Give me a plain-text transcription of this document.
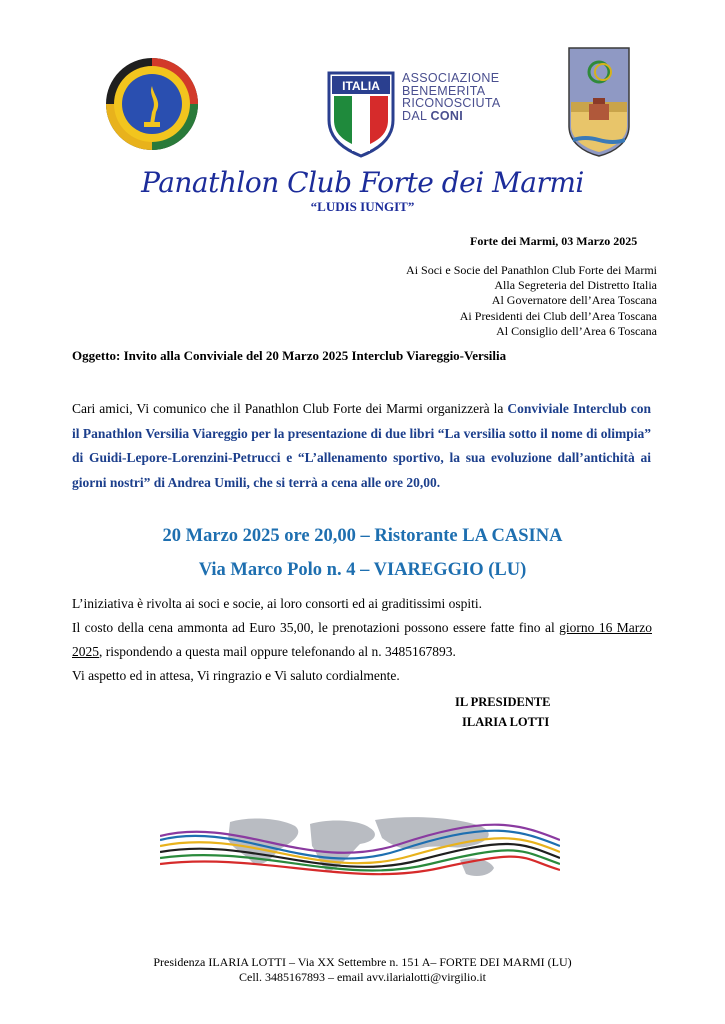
ITALIA
ASSOCIAZIONE
BENEMERITA
RICONOSCIUTA
DAL CONI
Panathlon Club Forte dei Marmi
“LUDIS IUNGIT”
Forte dei Marmi, 03 Marzo 2025
Ai Soci e Socie del Panathlon Club Forte dei Marmi
Alla Segreteria del Distretto Italia
Al Governatore dell’Area Toscana
Ai Presidenti dei Club dell’Area Toscana
Al Consiglio dell’Area 6 Toscana
Oggetto: Invito alla Conviviale del 20 Marzo 2025 Interclub Viareggio-Versilia
Cari amici, Vi comunico che il Panathlon Club Forte dei Marmi organizzerà la Conviviale Interclub con il Panathlon Versilia Viareggio per la presentazione di due libri “La versilia sotto il nome di olimpia” di Guidi-Lepore-Lorenzini-Petrucci e “L’allenamento sportivo, la sua evoluzione dall’antichità ai giorni nostri” di Andrea Umili, che si terrà a cena alle ore 20,00.
20 Marzo 2025 ore 20,00 – Ristorante LA CASINA
Via Marco Polo n. 4 – VIAREGGIO (LU)

L’iniziativa è rivolta ai soci e socie, ai loro consorti ed ai graditissimi ospiti.

Il costo della cena ammonta ad Euro 35,00, le prenotazioni possono essere fatte fino al giorno 16 Marzo 2025, rispondendo a questa mail oppure telefonando al n. 3485167893.

Vi aspetto ed in attesa, Vi ringrazio e Vi saluto cordialmente.

IL PRESIDENTE
ILARIA LOTTI
Presidenza ILARIA LOTTI – Via XX Settembre n. 151 A– FORTE DEI MARMI (LU)
Cell. 3485167893 – email avv.ilarialotti@virgilio.it
